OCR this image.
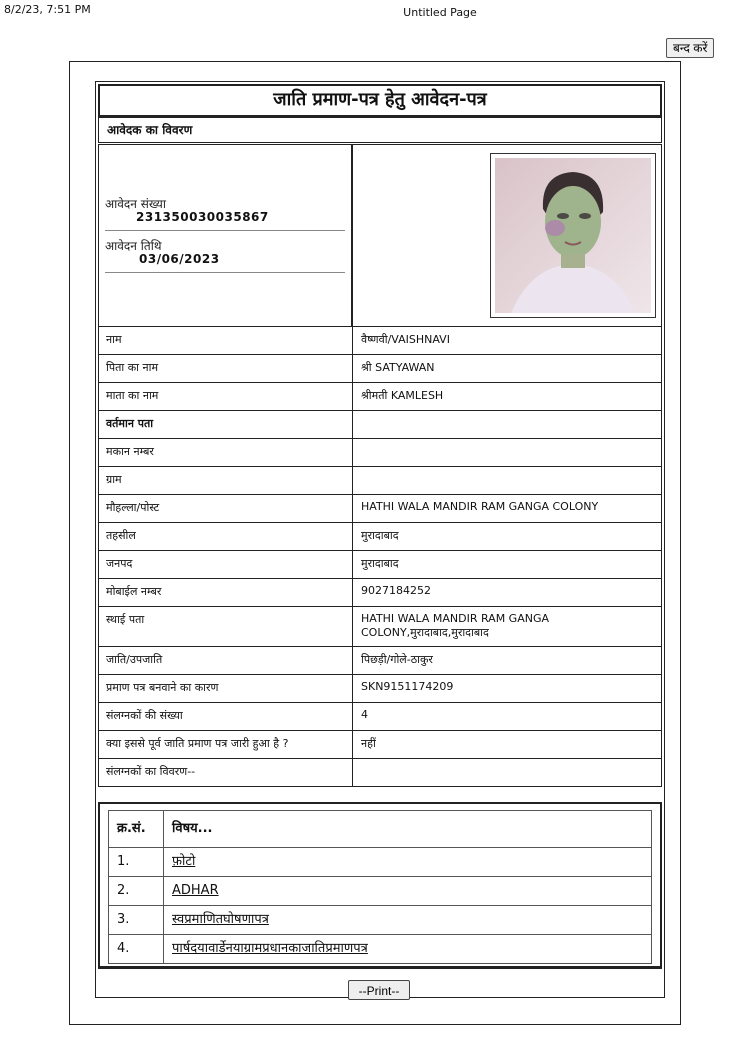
8/2/23, 7:51 PM	Untitled Page
बन्द करें
जाति प्रमाण-पत्र हेतु आवेदन-पत्र
आवेदक का विवरण
आवेदन संख्या
231350030035867
आवेदन तिथि
03/06/2023
नाम	वैष्णवी/VAISHNAVI
पिता का नाम	श्री SATYAWAN
माता का नाम	श्रीमती KAMLESH
वर्तमान पता
मकान नम्बर
ग्राम
मौहल्ला/पोस्ट	HATHI WALA MANDIR RAM GANGA COLONY
तहसील	मुरादाबाद
जनपद	मुरादाबाद
मोबाईल नम्बर	9027184252
स्थाई पता	HATHI WALA MANDIR RAM GANGA COLONY,मुरादाबाद,मुरादाबाद
जाति/उपजाति	पिछड़ी/गोले-ठाकुर
प्रमाण पत्र बनवाने का कारण	SKN9151174209
संलग्नकों की संख्या	4
क्या इससे पूर्व जाति प्रमाण पत्र जारी हुआ है ?	नहीं
संलग्नकों का विवरण--
क्र.सं.	विषय...
1.	फ़ोटो
2.	ADHAR
3.	स्वप्रमाणितघोषणापत्र
4.	पार्षदयावार्डेनयाग्रामप्रधानकाजातिप्रमाणपत्र
--Print--
